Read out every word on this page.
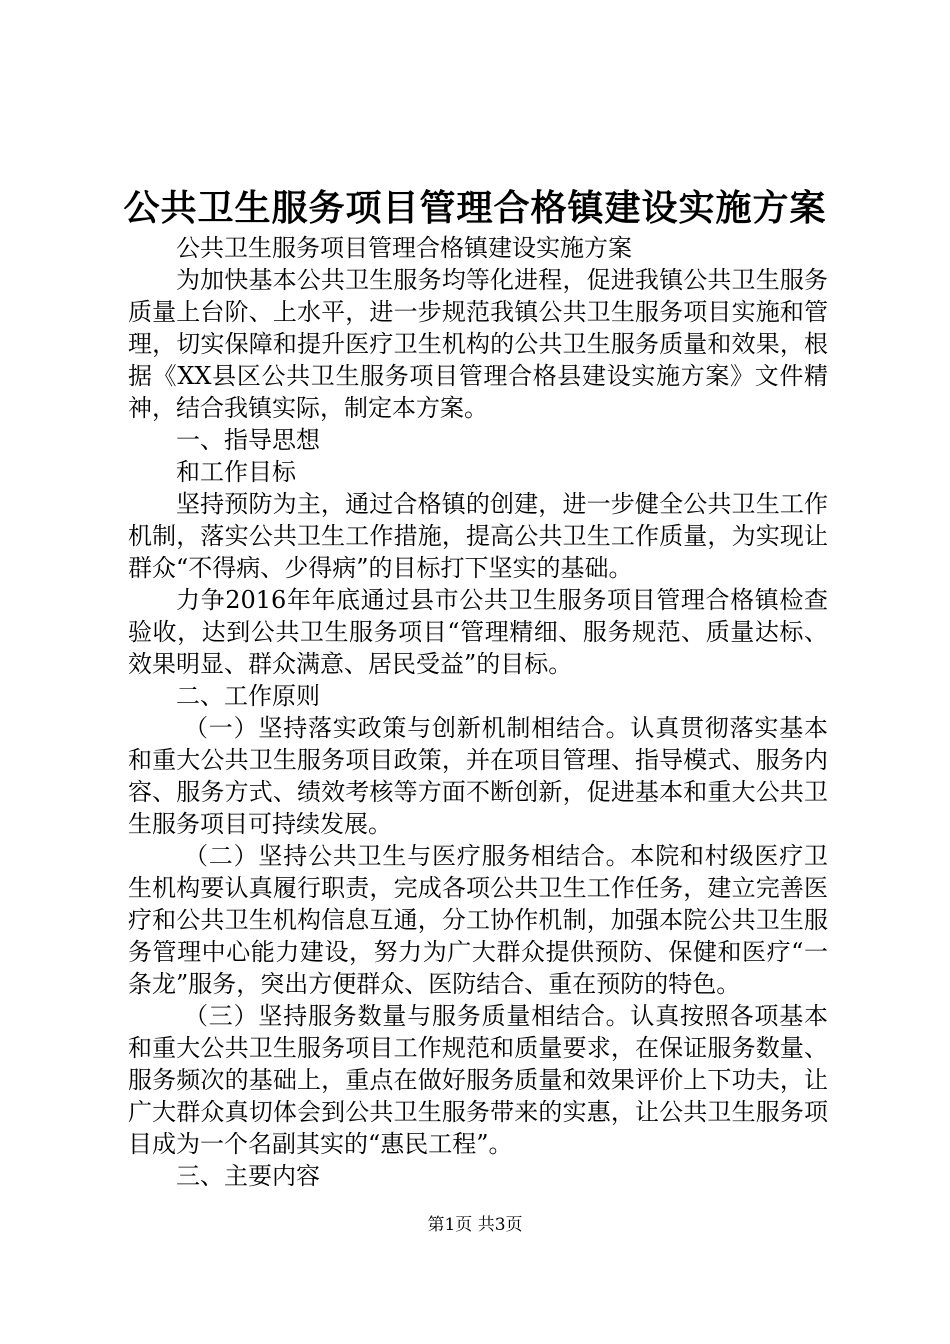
公共卫生服务项目管理合格镇建设实施方案

公共卫生服务项目管理合格镇建设实施方案

为加快基本公共卫生服务均等化进程，促进我镇公共卫生服务质量上台阶、上水平，进一步规范我镇公共卫生服务项目实施和管理，切实保障和提升医疗卫生机构的公共卫生服务质量和效果，根据《XX县区公共卫生服务项目管理合格县建设实施方案》文件精神，结合我镇实际，制定本方案。

一、指导思想

和工作目标

坚持预防为主，通过合格镇的创建，进一步健全公共卫生工作机制，落实公共卫生工作措施，提高公共卫生工作质量，为实现让群众“不得病、少得病”的目标打下坚实的基础。

力争2016年年底通过县市公共卫生服务项目管理合格镇检查验收，达到公共卫生服务项目“管理精细、服务规范、质量达标、效果明显、群众满意、居民受益”的目标。

二、工作原则

（一）坚持落实政策与创新机制相结合。认真贯彻落实基本和重大公共卫生服务项目政策，并在项目管理、指导模式、服务内容、服务方式、绩效考核等方面不断创新，促进基本和重大公共卫生服务项目可持续发展。

（二）坚持公共卫生与医疗服务相结合。本院和村级医疗卫生机构要认真履行职责，完成各项公共卫生工作任务，建立完善医疗和公共卫生机构信息互通，分工协作机制，加强本院公共卫生服务管理中心能力建设，努力为广大群众提供预防、保健和医疗“一条龙”服务，突出方便群众、医防结合、重在预防的特色。

（三）坚持服务数量与服务质量相结合。认真按照各项基本和重大公共卫生服务项目工作规范和质量要求，在保证服务数量、服务频次的基础上，重点在做好服务质量和效果评价上下功夫，让广大群众真切体会到公共卫生服务带来的实惠，让公共卫生服务项目成为一个名副其实的“惠民工程”。

三、主要内容

第1页 共3页
